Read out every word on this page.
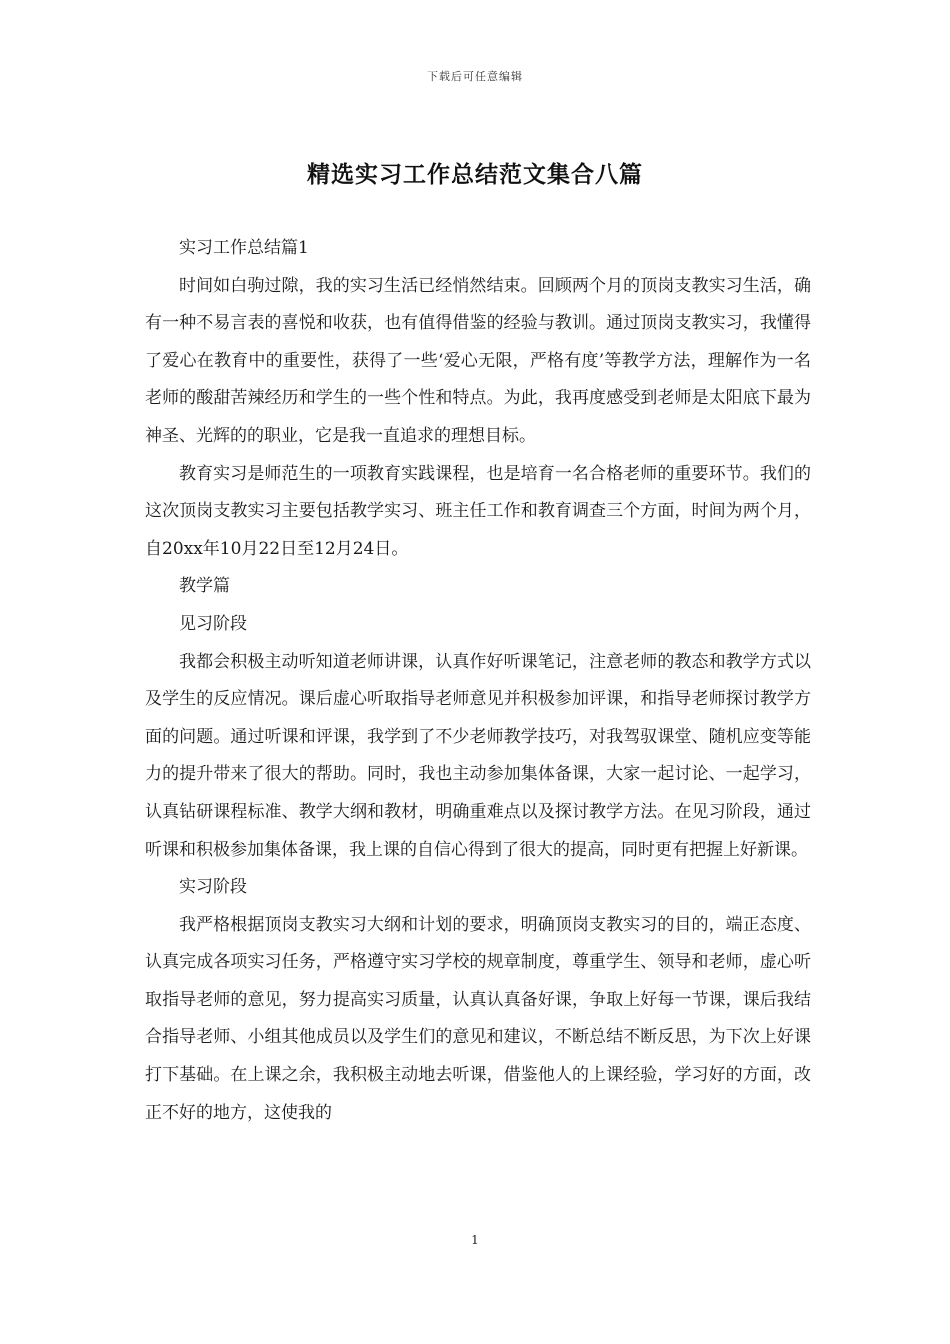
下载后可任意编辑
精选实习工作总结范文集合八篇

实习工作总结篇1

时间如白驹过隙，我的实习生活已经悄然结束。回顾两个月的顶岗支教实习生活，确有一种不易言表的喜悦和收获，也有值得借鉴的经验与教训。通过顶岗支教实习，我懂得了爱心在教育中的重要性，获得了一些‘爱心无限，严格有度’等教学方法，理解作为一名老师的酸甜苦辣经历和学生的一些个性和特点。为此，我再度感受到老师是太阳底下最为神圣、光辉的的职业，它是我一直追求的理想目标。

教育实习是师范生的一项教育实践课程，也是培育一名合格老师的重要环节。我们的这次顶岗支教实习主要包括教学实习、班主任工作和教育调查三个方面，时间为两个月，自20xx年10月22日至12月24日。

教学篇

见习阶段

我都会积极主动听知道老师讲课，认真作好听课笔记，注意老师的教态和教学方式以及学生的反应情况。课后虚心听取指导老师意见并积极参加评课，和指导老师探讨教学方面的问题。通过听课和评课，我学到了不少老师教学技巧，对我驾驭课堂、随机应变等能力的提升带来了很大的帮助。同时，我也主动参加集体备课，大家一起讨论、一起学习，认真钻研课程标准、教学大纲和教材，明确重难点以及探讨教学方法。在见习阶段，通过听课和积极参加集体备课，我上课的自信心得到了很大的提高，同时更有把握上好新课。

实习阶段

我严格根据顶岗支教实习大纲和计划的要求，明确顶岗支教实习的目的，端正态度、认真完成各项实习任务，严格遵守实习学校的规章制度，尊重学生、领导和老师，虚心听取指导老师的意见，努力提高实习质量，认真认真备好课，争取上好每一节课，课后我结合指导老师、小组其他成员以及学生们的意见和建议，不断总结不断反思，为下次上好课打下基础。在上课之余，我积极主动地去听课，借鉴他人的上课经验，学习好的方面，改正不好的地方，这使我的

1
